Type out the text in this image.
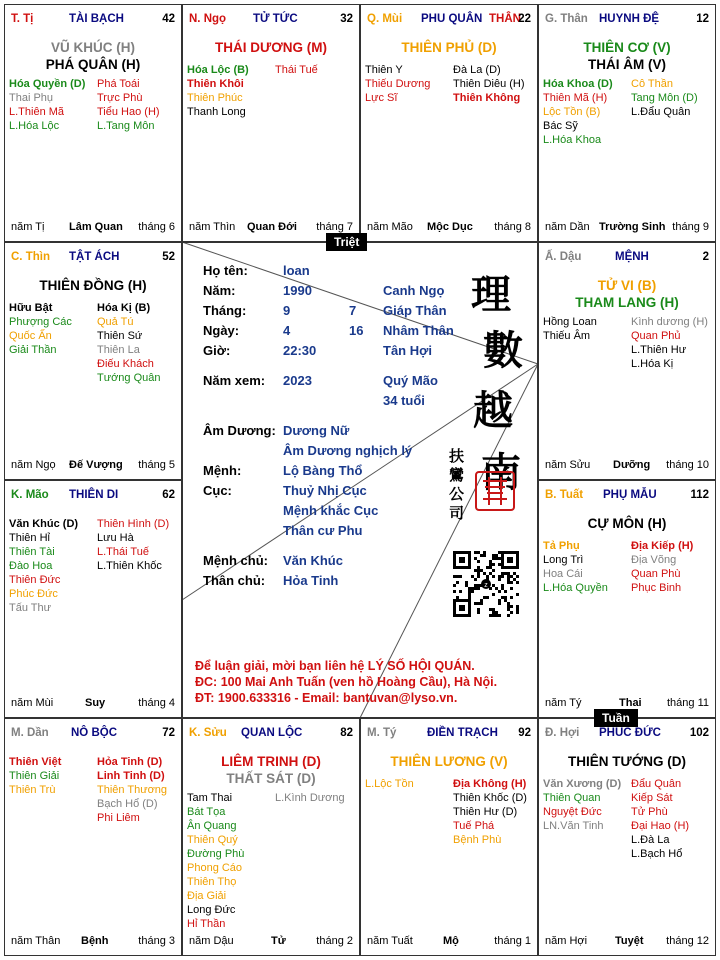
T. Tị	TÀI BẠCH	42
VŨ KHÚC (H)
PHÁ QUÂN (H)
Hóa Quyền (D)
Thai Phụ
L.Thiên Mã
L.Hóa Lộc
Phá Toái
Trực Phù
Tiểu Hao (H)
L.Tang Môn
năm Tị Lâm Quan tháng 6
N. Ngọ TỬ TỨC	32
THÁI DƯƠNG (M)
Hóa Lộc (B)
Thiên Khôi
Thiên Phúc
Thanh Long
Thái Tuế
năm Thìn Quan Đới tháng 7
Q. Mùi PHU QUÂN THÂN
22
THIÊN PHỦ (D)
Thiên Y
Thiếu Dương
Lực Sĩ
Đà La (D)
Thiên Diêu (H)
Thiên Không
năm Mão Mộc Dục tháng 8
G. Thân HUYNH ĐỆ	12
THIÊN CƠ (V)
THÁI ÂM (V)
Hóa Khoa (D)
Thiên Mã (H)
Lộc Tồn (B)
Bác Sỹ
L.Hóa Khoa
Cô Thần
Tang Môn (D)
L.Đẩu Quân
năm Dần Trường Sinh tháng 9
C. Thìn TẬT ÁCH	52
THIÊN ĐỒNG (H)
Hữu Bật
Phượng Các
Quốc Ấn
Giải Thần
Hóa Kị (B)
Quả Tú
Thiên Sứ
Thiên La
Điếu Khách
Tướng Quân
năm Ngọ Đế Vượng tháng 5
Ấ. Dậu	MỆNH	2
TỬ VI (B)
THAM LANG (H)
Hồng Loan
Thiếu Âm
Kình dương (H)
Quan Phủ
L.Thiên Hư
L.Hóa Kị
năm Sửu Dưỡng tháng 10
K. Mão THIÊN DI	62
Văn Khúc (D)
Thiên Hỉ
Thiên Tài
Đào Hoa
Thiên Đức
Phúc Đức
Tấu Thư
Thiên Hình (D)
Lưu Hà
L.Thái Tuế
L.Thiên Khốc
năm Mùi	Suy	tháng 4
B. Tuất PHỤ MẪU	112
CỰ MÔN (H)
Tả Phụ
Long Trì
Hoa Cái
L.Hóa Quyền
Địa Kiếp (H)
Địa Võng
Quan Phù
Phục Binh
năm Tý	Thai tháng 11
M. Dần NÔ BỘC	72
Thiên Việt
Thiên Giải
Thiên Trù
Hỏa Tinh (D)
Linh Tinh (D)
Thiên Thương
Bạch Hổ (D)
Phi Liêm
năm Thân Bệnh	tháng 3
K. Sửu QUAN LỘC	82
LIÊM TRINH (D)
THẤT SÁT (D)
Tam Thai
Bát Tọa
Ân Quang
Thiên Quý
Đường Phù
Phong Cáo
Thiên Thọ
Địa Giải
Long Đức
Hỉ Thần
L.Kình Dương
năm Dậu	Tử	tháng 2
M. Tý	ĐIỀN TRẠCH 92
THIÊN LƯƠNG (V)
L.Lộc Tồn	Địa Không (H)
Thiên Khốc (D)
Thiên Hư (D)
Tuế Phá
Bệnh Phù
năm Tuất	Mộ	tháng 1
Đ. Hợi PHÚC ĐỨC	102
THIÊN TƯỚNG (D)
Văn Xương (D)
Thiên Quan
Nguyệt Đức
LN.Văn Tinh
Đẩu Quân
Kiếp Sát
Tử Phù
Đại Hao (H)
L.Đà La
L.Bạch Hổ
năm Hợi	Tuyệt tháng 12
Họ tên:	loan
Năm:	1990	Canh Ngọ
Tháng:	9	7 Giáp Thân
Ngày:	4	16 Nhâm Thân
Giờ:	22:30	Tân Hợi
Năm xem: 2023	Quý Mão
34 tuổi
Âm Dương: Dương Nữ
Âm Dương nghịch lý
Mệnh:	Lộ Bàng Thổ
Cục:	Thuỷ Nhị Cục
Mệnh khắc Cục
Thân cư Phu
Mệnh chủ: Văn Khúc
Thân chủ: Hỏa Tinh
理
數
越
南
扶
鸞
公
司
z
Để luận giải, mời bạn liên hệ LÝ SỐ HỘI QUÁN.
ĐC: 100 Mai Anh Tuấn (ven hồ Hoàng Cầu), Hà Nội.
ĐT: 1900.633316 - Email: bantuvan@lyso.vn.
Triệt
Tuần
